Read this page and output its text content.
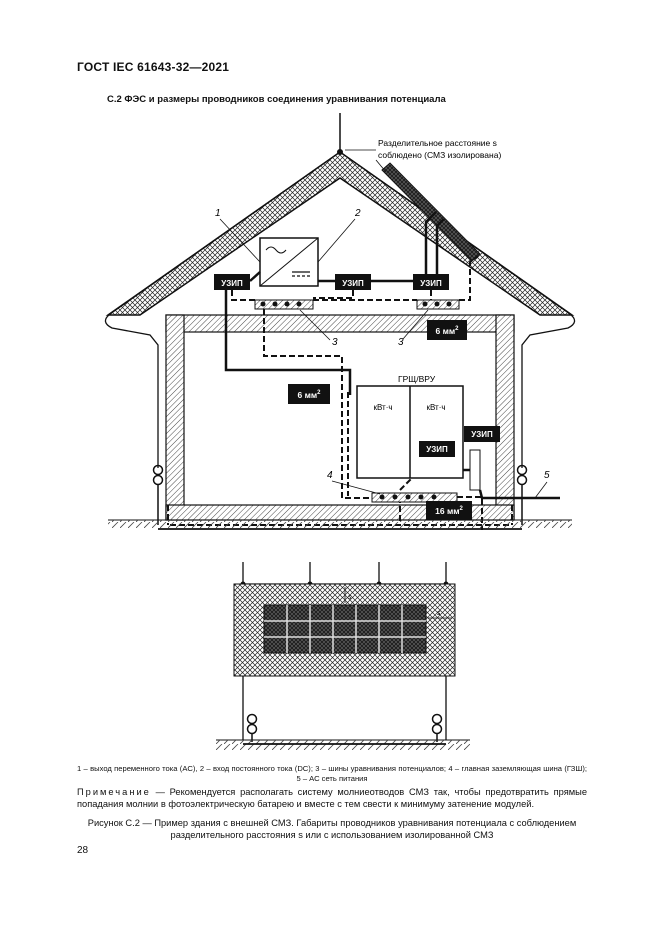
ГОСТ IEC 61643-32—2021
С.2 ФЭС и размеры проводников соединения уравнивания потенциала
УЗИП	УЗИП	УЗИП
ГРЩ/ВРУ
кВт·ч	кВт·ч
УЗИП
УЗИП
6 $мм^2$
6 $мм^2$
16 $мм^2$
1	2
3	3
4	5
Разделительное расстояние s
соблюдено (СМЗ изолирована)
s
s
1 – выход переменного тока (AC), 2 – вход постоянного тока (DC); 3 – шины уравнивания потенциалов; 4 – главная заземляющая шина (ГЗШ); 5 – АС сеть питания
Примечание — Рекомендуется располагать систему молниеотводов СМЗ так, чтобы предотвратить прямые попадания молнии в фотоэлектрическую батарею и вместе с тем свести к минимуму затенение модулей.
Рисунок С.2 — Пример здания с внешней СМЗ. Габариты проводников уравнивания потенциала с соблюдением разделительного расстояния s или с использованием изолированной СМЗ
28
